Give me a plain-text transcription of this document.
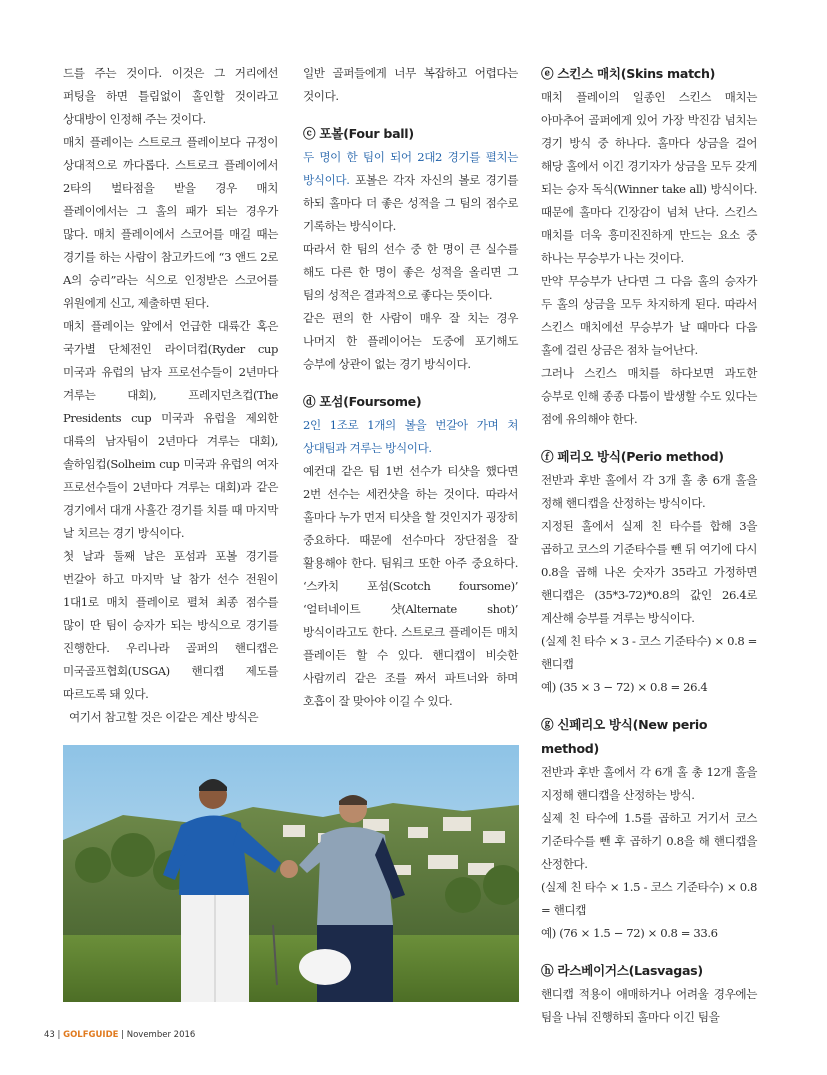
드를 주는 것이다. 이것은 그 거리에선 퍼팅을 하면 틀림없이 홀인할 것이라고 상대방이 인정해 주는 것이다.

매치 플레이는 스트로크 플레이보다 규정이 상대적으로 까다롭다. 스트로크 플레이에서 2타의 벌타점을 받을 경우 매치 플레이에서는 그 홀의 패가 되는 경우가 많다. 매치 플레이에서 스코어를 매길 때는 경기를 하는 사람이 참고카드에 “3 앤드 2로 A의 승리”라는 식으로 인정받은 스코어를 위원에게 신고, 제출하면 된다.

매치 플레이는 앞에서 언급한 대륙간 혹은 국가별 단체전인 라이더컵(Ryder cup 미국과 유럽의 남자 프로선수들이 2년마다 겨루는 대회), 프레지던츠컵(The Presidents cup 미국과 유럽을 제외한 대륙의 남자팀이 2년마다 겨루는 대회), 솔하임컵(Solheim cup 미국과 유럽의 여자 프로선수들이 2년마다 겨루는 대회)과 같은 경기에서 대개 사흘간 경기를 치를 때 마지막 날 치르는 경기 방식이다.

첫 날과 둘째 날은 포섬과 포볼 경기를 번갈아 하고 마지막 날 참가 선수 전원이 1대1로 매치 플레이로 펼쳐 최종 점수를 많이 딴 팀이 승자가 되는 방식으로 경기를 진행한다. 우리나라 골퍼의 핸디캡은 미국골프협회(USGA) 핸디캡 제도를 따르도록 돼 있다.

여기서 참고할 것은 이같은 계산 방식은

일반 골퍼들에게 너무 복잡하고 어렵다는 것이다.

ⓒ 포볼(Four ball)

두 명이 한 팀이 되어 2대2 경기를 펼치는 방식이다. 포볼은 각자 자신의 볼로 경기를 하되 홀마다 더 좋은 성적을 그 팀의 점수로 기록하는 방식이다.

따라서 한 팀의 선수 중 한 명이 큰 실수를 해도 다른 한 명이 좋은 성적을 올리면 그 팀의 성적은 결과적으로 좋다는 뜻이다.

같은 편의 한 사람이 매우 잘 치는 경우 나머지 한 플레이어는 도중에 포기해도 승부에 상관이 없는 경기 방식이다.

ⓓ 포섬(Foursome)

2인 1조로 1개의 볼을 번갈아 가며 쳐 상대팀과 겨루는 방식이다.

예컨대 같은 팀 1번 선수가 티샷을 했다면 2번 선수는 세컨샷을 하는 것이다. 따라서 홀마다 누가 먼저 티샷을 할 것인지가 굉장히 중요하다. 때문에 선수마다 장단점을 잘 활용해야 한다. 팀워크 또한 아주 중요하다. ‘스카치 포섬(Scotch foursome)’ ‘얼터네이트 샷(Alternate shot)’ 방식이라고도 한다. 스트로크 플레이든 매치 플레이든 할 수 있다. 핸디캡이 비슷한 사람끼리 같은 조를 짜서 파트너와 하며 호흡이 잘 맞아야 이길 수 있다.

ⓔ 스킨스 매치(Skins match)

매치 플레이의 일종인 스킨스 매치는 아마추어 골퍼에게 있어 가장 박진감 넘치는 경기 방식 중 하나다. 홀마다 상금을 걸어 해당 홀에서 이긴 경기자가 상금을 모두 갖게 되는 승자 독식(Winner take all) 방식이다. 때문에 홀마다 긴장감이 넘쳐 난다. 스킨스 매치를 더욱 흥미진진하게 만드는 요소 중 하나는 무승부가 나는 것이다.

만약 무승부가 난다면 그 다음 홀의 승자가 두 홀의 상금을 모두 차지하게 된다. 따라서 스킨스 매치에선 무승부가 날 때마다 다음 홀에 걸린 상금은 점차 늘어난다.

그러나 스킨스 매치를 하다보면 과도한 승부로 인해 종종 다툼이 발생할 수도 있다는 점에 유의해야 한다.

ⓕ 페리오 방식(Perio method)

전반과 후반 홀에서 각 3개 홀 총 6개 홀을 정해 핸디캡을 산정하는 방식이다.

지정된 홀에서 실제 친 타수를 합해 3을 곱하고 코스의 기준타수를 뺀 뒤 여기에 다시 0.8을 곱해 나온 숫자가 35라고 가정하면 핸디캡은 (35*3-72)*0.8의 값인 26.4로 계산해 승부를 겨루는 방식이다.

(실제 친 타수 × 3 - 코스 기준타수) × 0.8 = 핸디캡

예) (35 × 3 − 72) × 0.8 = 26.4

ⓖ 신페리오 방식(New perio method)

전반과 후반 홀에서 각 6개 홀 총 12개 홀을 지정해 핸디캡을 산정하는 방식.

실제 친 타수에 1.5를 곱하고 거기서 코스 기준타수를 뺀 후 곱하기 0.8을 해 핸디캡을 산정한다.

(실제 친 타수 × 1.5 - 코스 기준타수) × 0.8 = 핸디캡

예) (76 × 1.5 − 72) × 0.8 = 33.6

ⓗ 라스베이거스(Lasvagas)

핸디캡 적용이 애매하거나 어려울 경우에는 팀을 나눠 진행하되 홀마다 이긴 팀을

43 | GOLFGUIDE | November 2016
